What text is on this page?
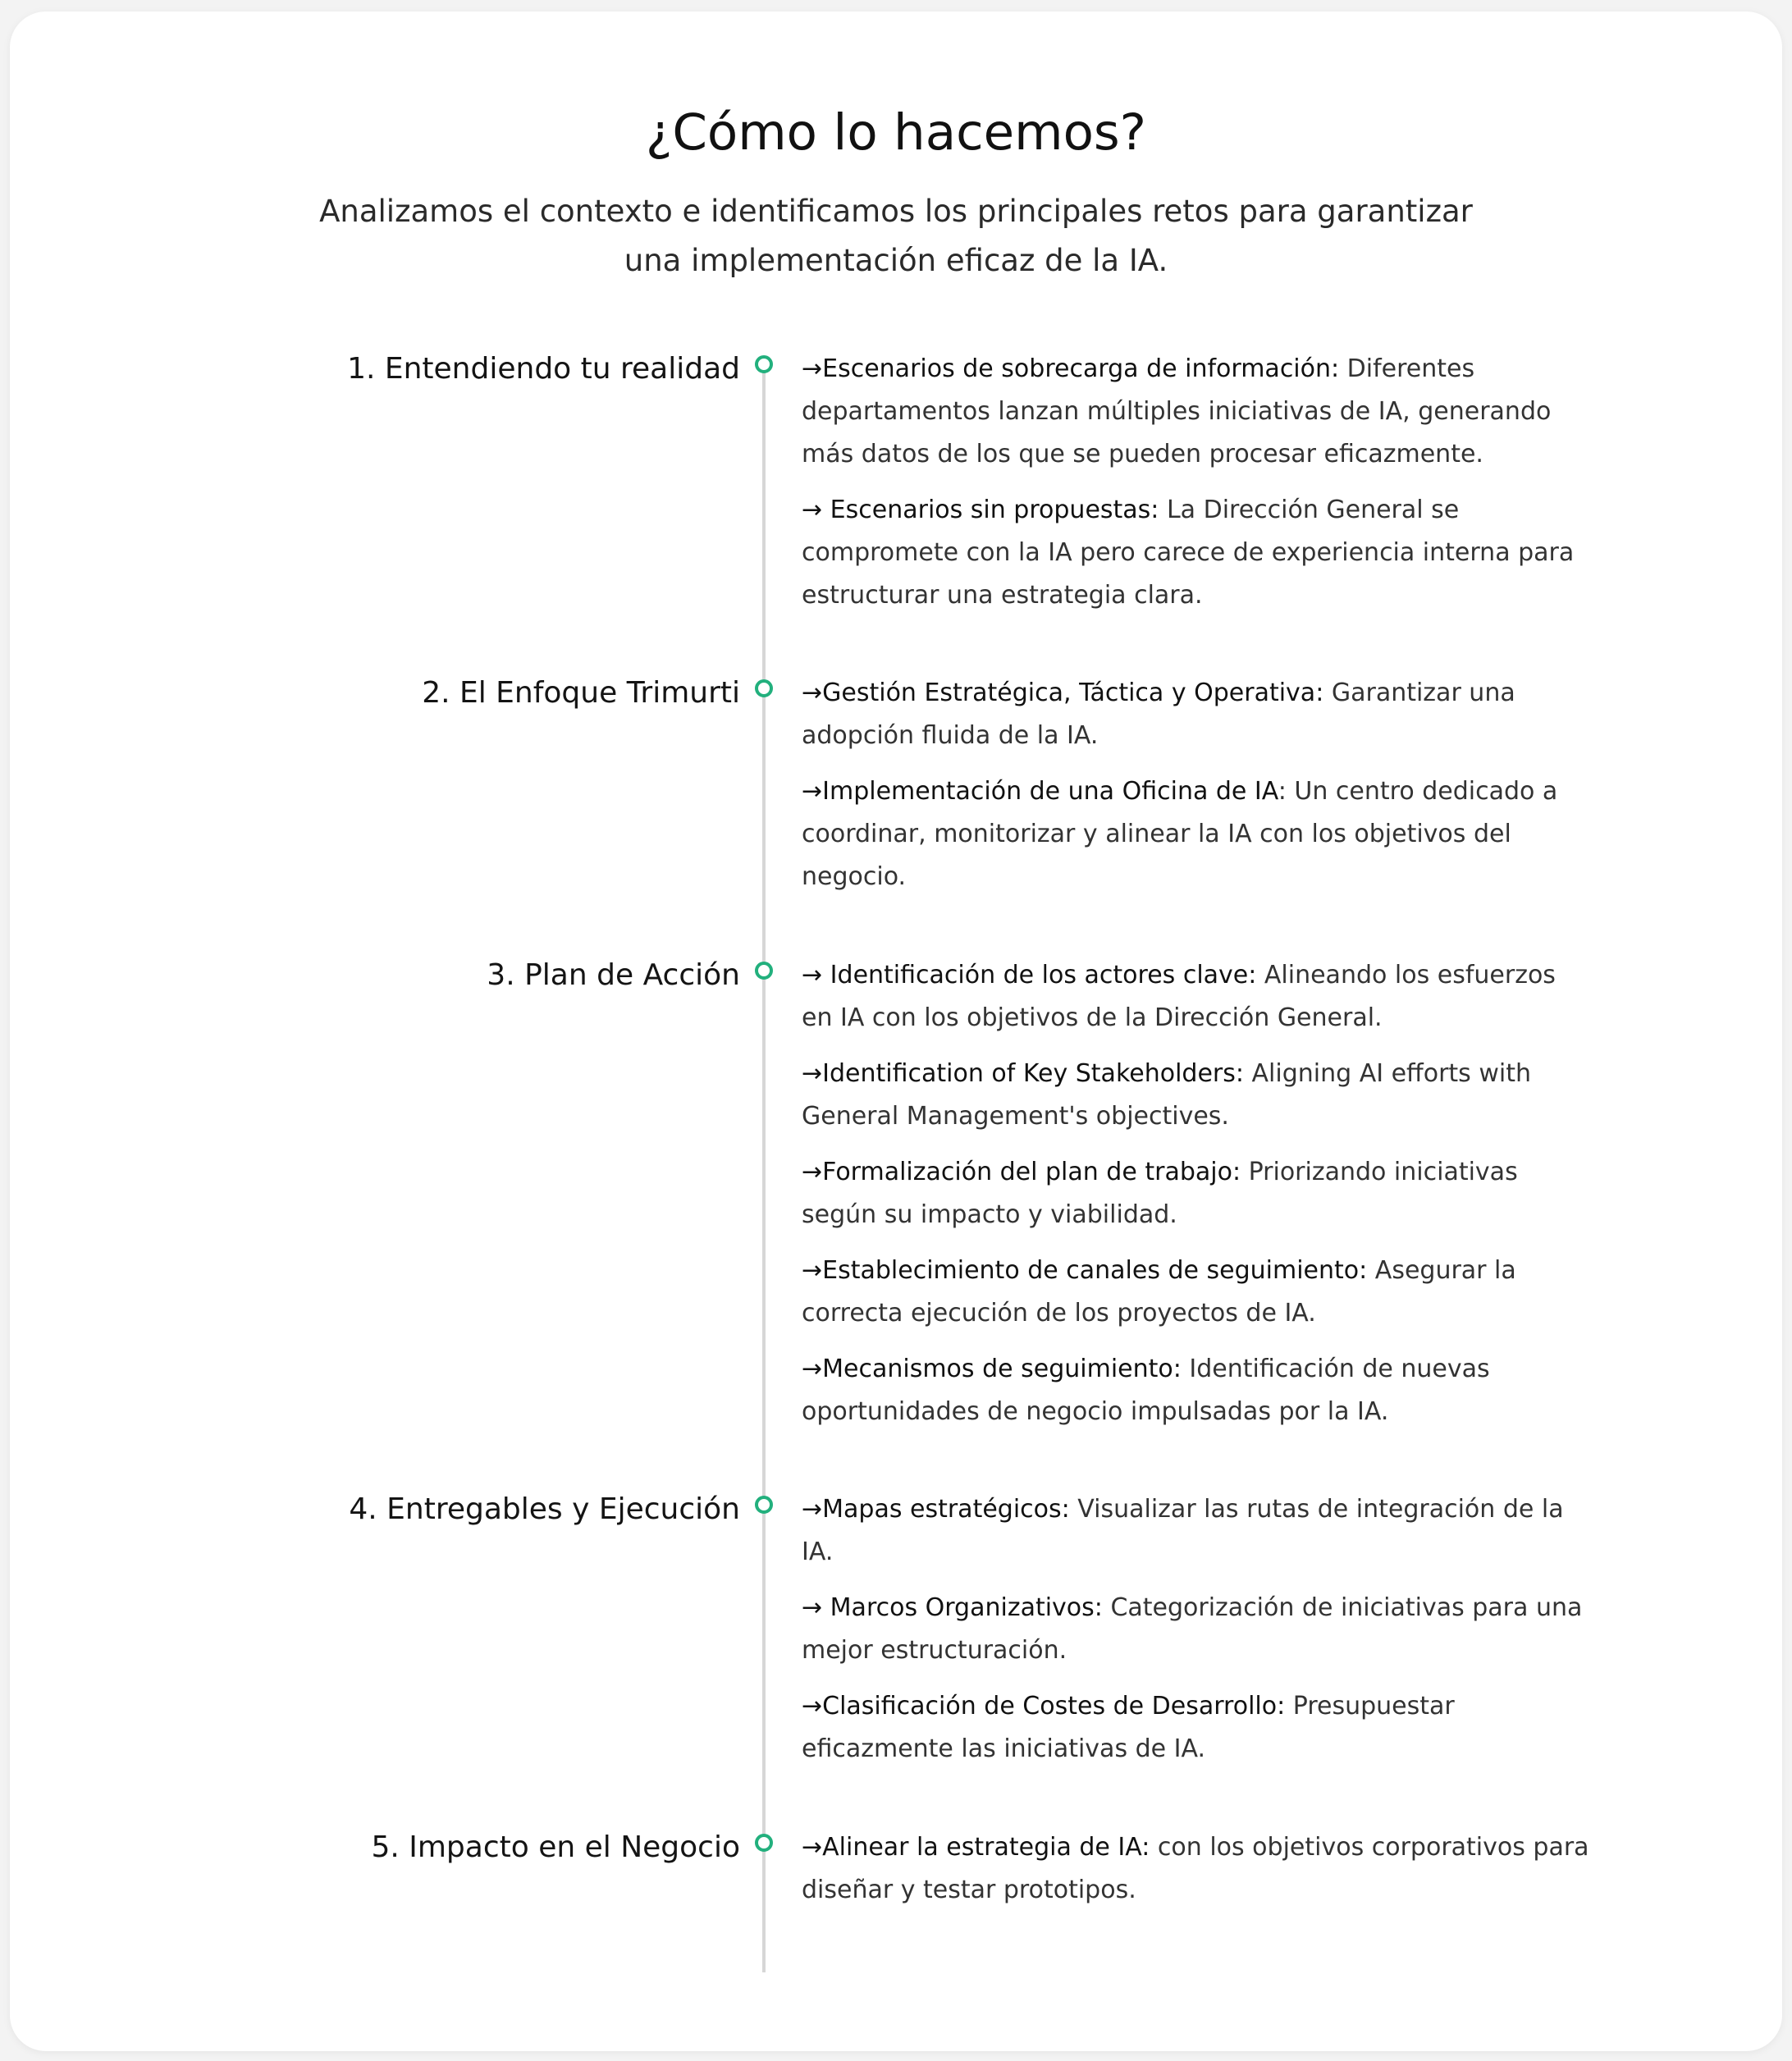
¿Cómo lo hacemos?

Analizamos el contexto e identificamos los principales retos para garantizar una implementación eficaz de la IA.

1. Entendiendo tu realidad	→Escenarios de sobrecarga de información: Diferentes departamentos lanzan múltiples iniciativas de IA, generando más datos de los que se pueden procesar eficazmente.

→ Escenarios sin propuestas: La Dirección General se compromete con la IA pero carece de experiencia interna para estructurar una estrategia clara.

2. El Enfoque Trimurti	→Gestión Estratégica, Táctica y Operativa: Garantizar una adopción fluida de la IA.

→Implementación de una Oficina de IA: Un centro dedicado a coordinar, monitorizar y alinear la IA con los objetivos del negocio.

3. Plan de Acción	→ Identificación de los actores clave: Alineando los esfuerzos en IA con los objetivos de la Dirección General.

→Identification of Key Stakeholders: Aligning AI efforts with General Management's objectives.

→Formalización del plan de trabajo: Priorizando iniciativas según su impacto y viabilidad.

→Establecimiento de canales de seguimiento: Asegurar la correcta ejecución de los proyectos de IA.

→Mecanismos de seguimiento: Identificación de nuevas oportunidades de negocio impulsadas por la IA.

4. Entregables y Ejecución	→Mapas estratégicos: Visualizar las rutas de integración de la IA.

→ Marcos Organizativos: Categorización de iniciativas para una mejor estructuración.

→Clasificación de Costes de Desarrollo: Presupuestar eficazmente las iniciativas de IA.

5. Impacto en el Negocio	→Alinear la estrategia de IA: con los objetivos corporativos para diseñar y testar prototipos.
